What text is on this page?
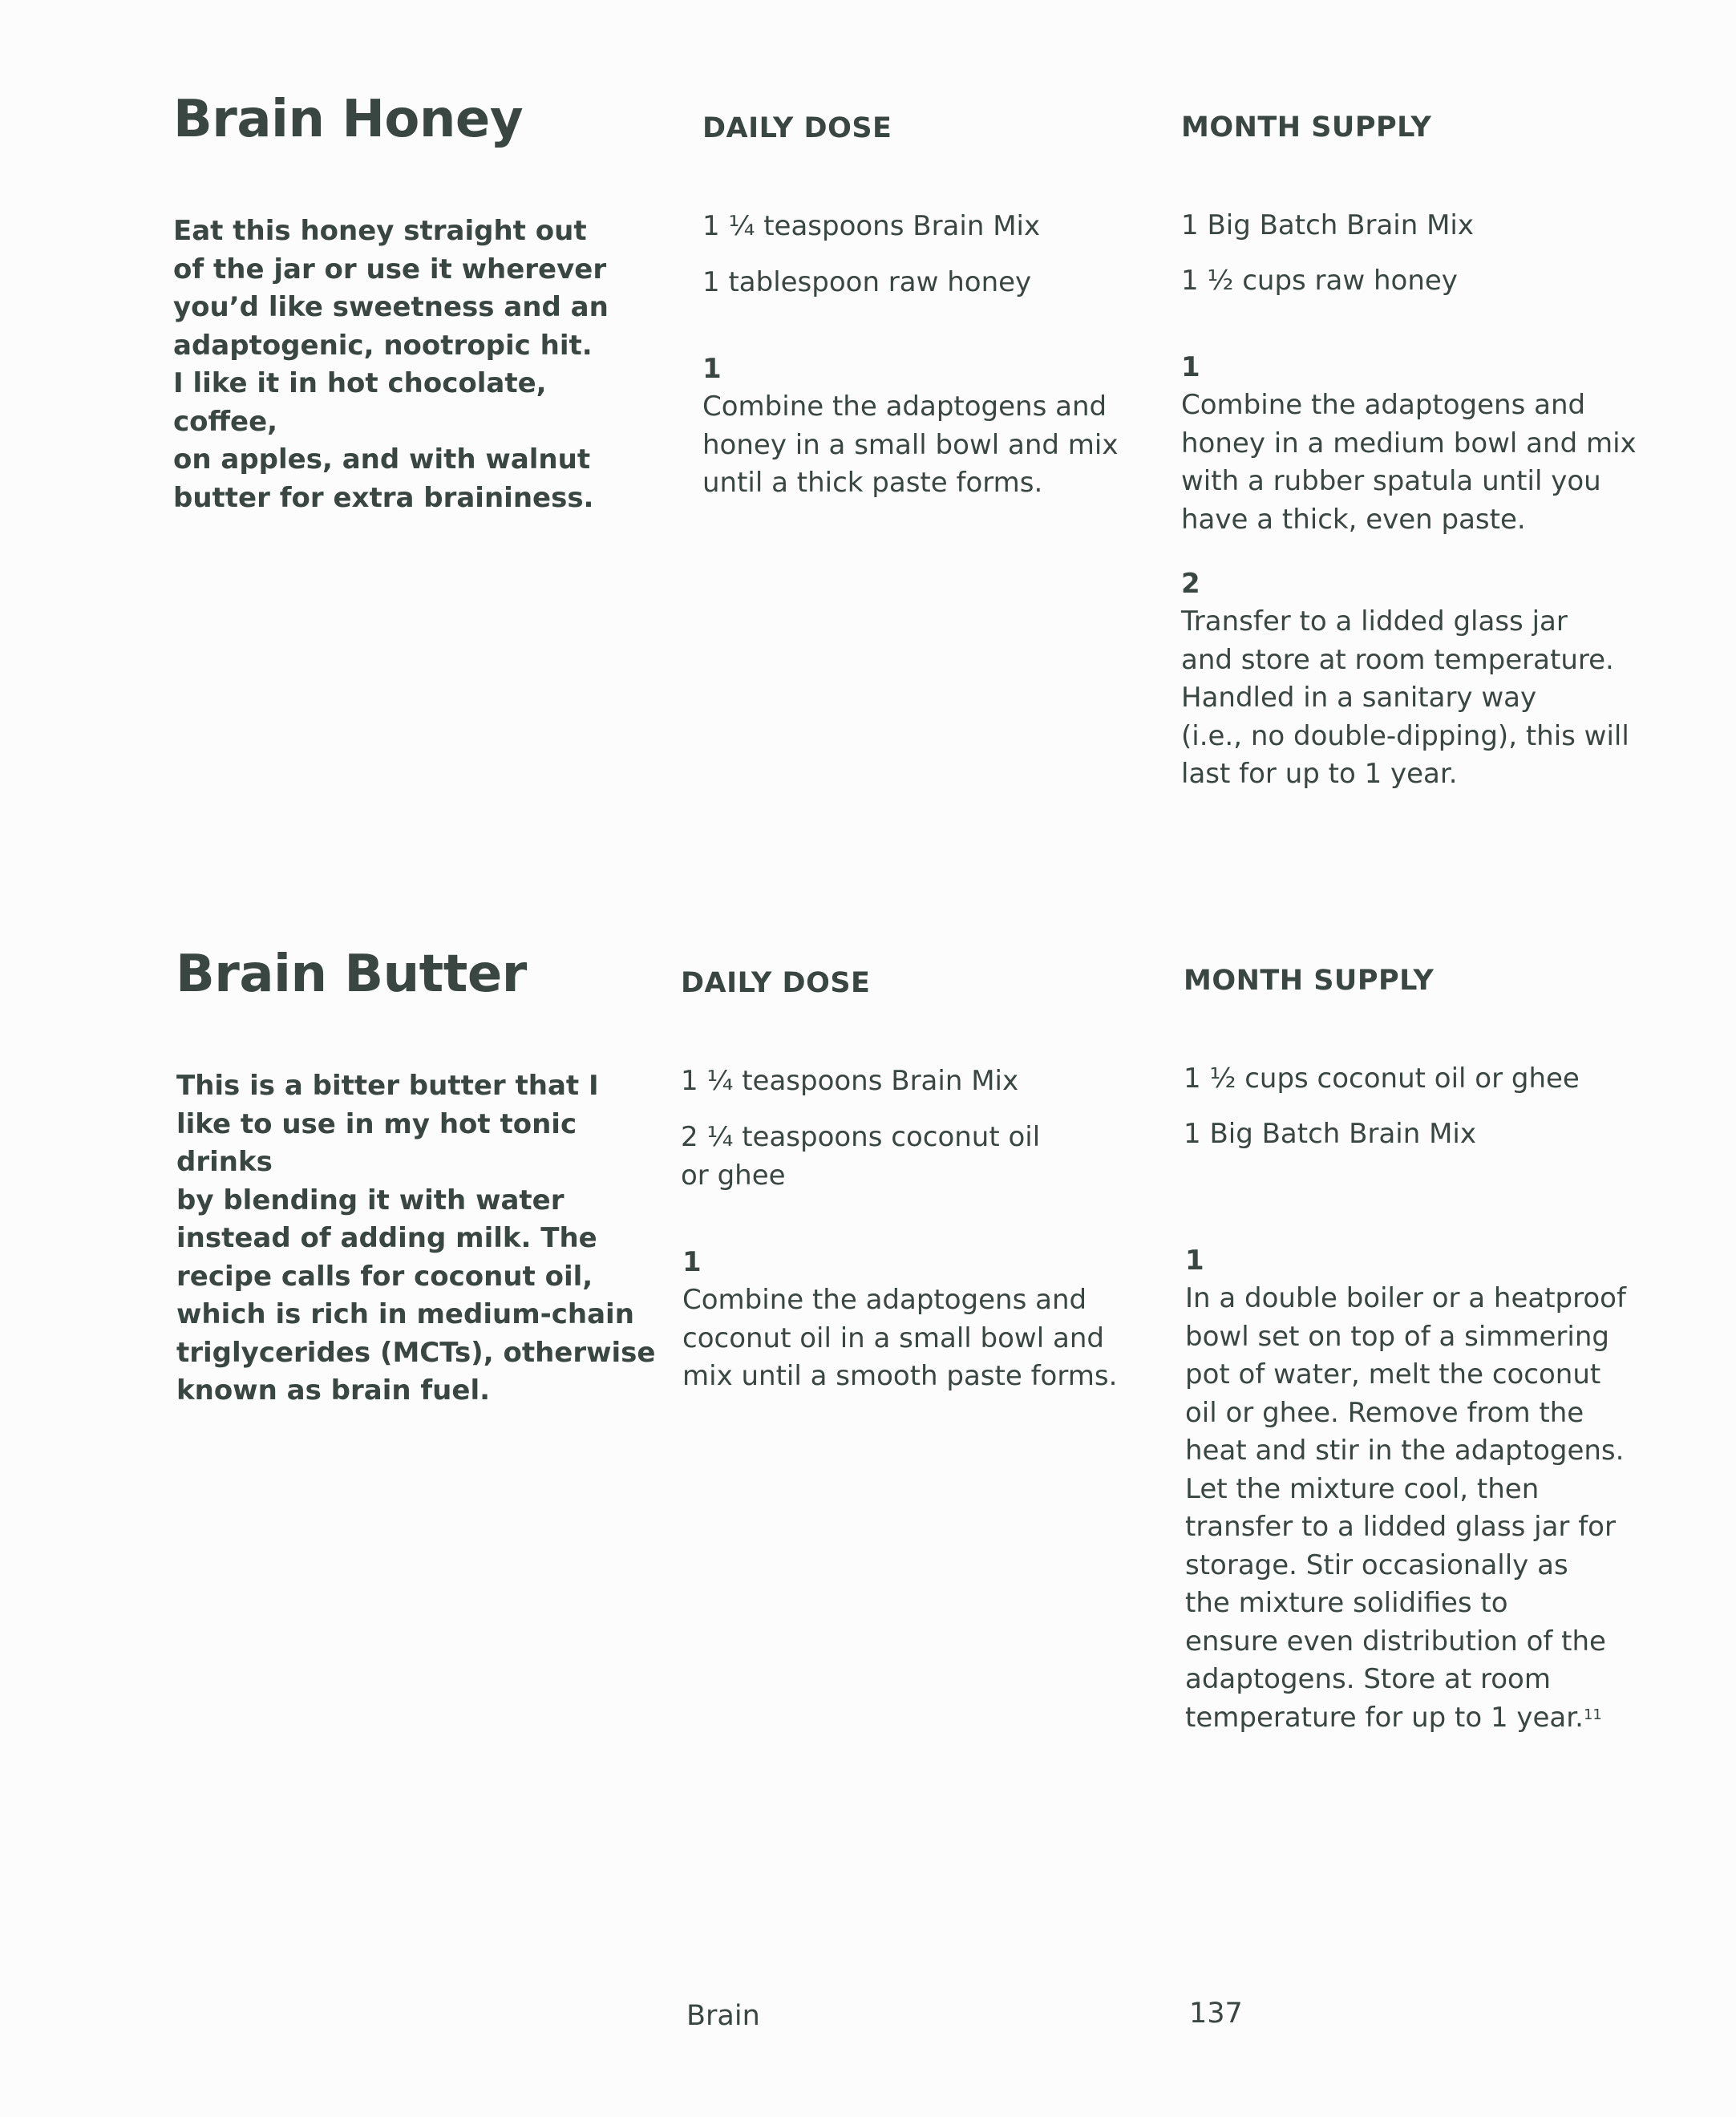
Brain Honey
Eat this honey straight out
of the jar or use it wherever
you’d like sweetness and an
adaptogenic, nootropic hit.
I like it in hot chocolate, coffee,
on apples, and with walnut
butter for extra braininess.
DAILY DOSE
1 ¼ teaspoons Brain Mix
1 tablespoon raw honey
1
Combine the adaptogens and
honey in a small bowl and mix
until a thick paste forms.
MONTH SUPPLY
1 Big Batch Brain Mix
1 ½ cups raw honey
1
Combine the adaptogens and
honey in a medium bowl and mix
with a rubber spatula until you
have a thick, even paste.
2
Transfer to a lidded glass jar
and store at room temperature.
Handled in a sanitary way
(i.e., no double-dipping), this will
last for up to 1 year.
Brain Butter
This is a bitter butter that I
like to use in my hot tonic drinks
by blending it with water
instead of adding milk. The
recipe calls for coconut oil,
which is rich in medium-chain
triglycerides (MCTs), otherwise
known as brain fuel.
DAILY DOSE
1 ¼ teaspoons Brain Mix
2 ¼ teaspoons coconut oil
or ghee
1
Combine the adaptogens and
coconut oil in a small bowl and
mix until a smooth paste forms.
MONTH SUPPLY
1 ½ cups coconut oil or ghee
1 Big Batch Brain Mix
1
In a double boiler or a heatproof
bowl set on top of a simmering
pot of water, melt the coconut
oil or ghee. Remove from the
heat and stir in the adaptogens.
Let the mixture cool, then
transfer to a lidded glass jar for
storage. Stir occasionally as
the mixture solidifies to
ensure even distribution of the
adaptogens. Store at room
temperature for up to 1 year.$^{11}$
Brain	137
